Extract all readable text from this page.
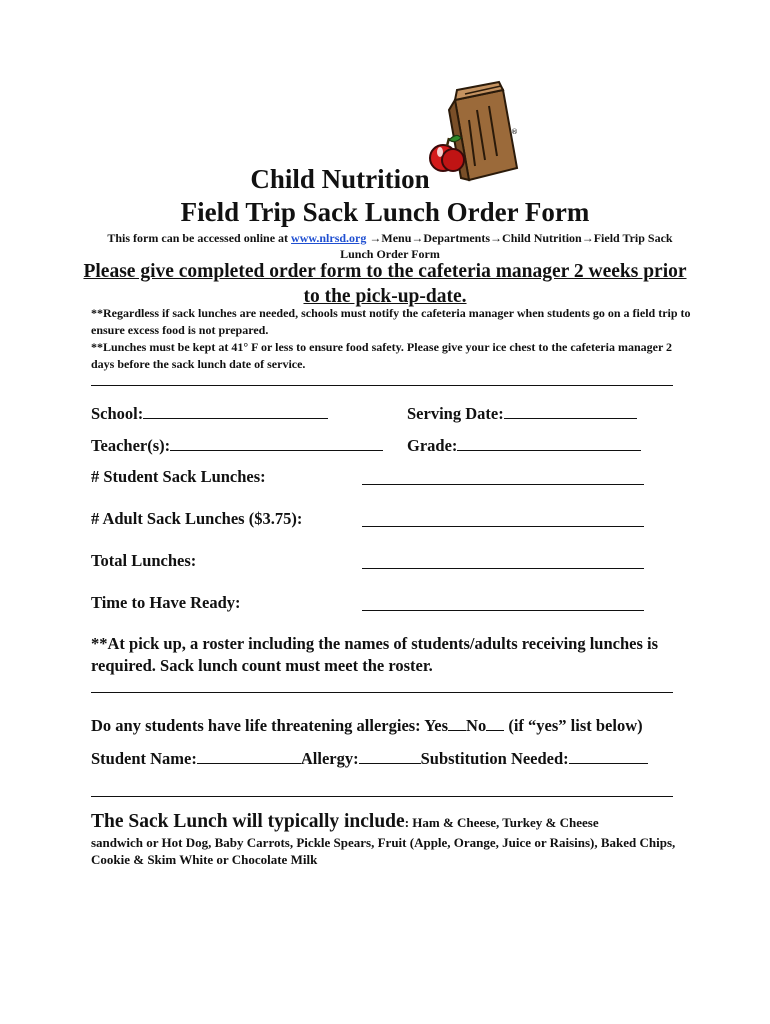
®
Child Nutrition
Field Trip Sack Lunch Order Form
This form can be accessed online at www.nlrsd.org →Menu→Departments→Child Nutrition→Field Trip Sack Lunch Order Form
Please give completed order form to the cafeteria manager 2 weeks prior to the pick-up-date.
**Regardless if sack lunches are needed, schools must notify the cafeteria manager when students go on a field trip to ensure excess food is not prepared.
**Lunches must be kept at 41° F or less to ensure food safety. Please give your ice chest to the cafeteria manager 2 days before the sack lunch date of service.
School:	Serving Date:
Teacher(s):	Grade:
# Student Sack Lunches:
# Adult Sack Lunches ($3.75):
Total Lunches:
Time to Have Ready:
**At pick up, a roster including the names of students/adults receiving lunches is required. Sack lunch count must meet the roster.
Do any students have life threatening allergies: Yes No (if “yes” list below)
Student Name:	Allergy:	Substitution Needed:
The Sack Lunch will typically include: Ham & Cheese, Turkey & Cheese
sandwich or Hot Dog, Baby Carrots, Pickle Spears, Fruit (Apple, Orange, Juice or Raisins), Baked Chips, Cookie & Skim White or Chocolate Milk
